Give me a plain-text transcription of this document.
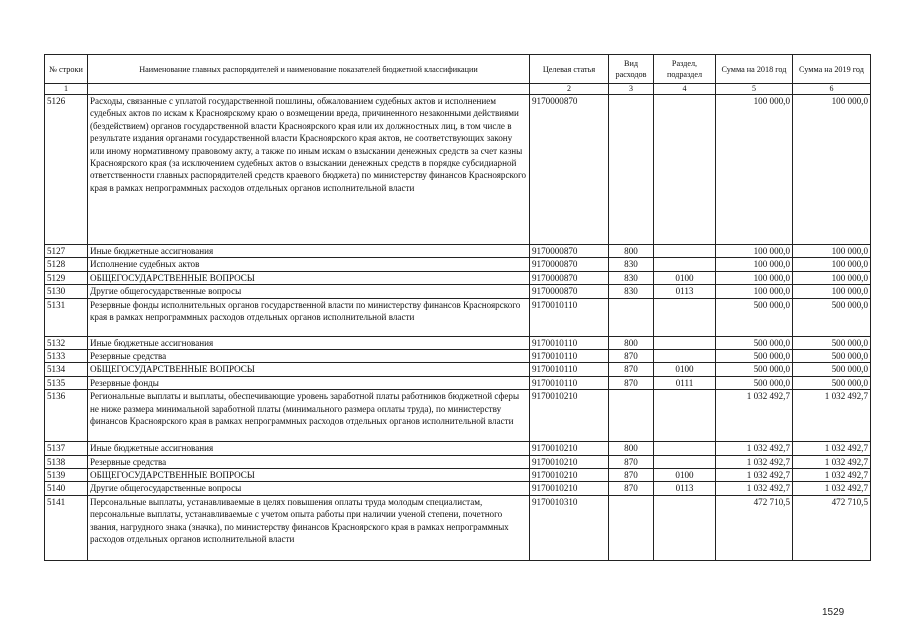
№ строки	Наименование главных распорядителей и наименование показателей бюджетной классификации	Целевая статья	Вид расходов	Раздел, подраздел	Сумма на 2018 год	Сумма на 2019 год
1		2	3	4	5	6
5126	Расходы, связанные с уплатой государственной пошлины, обжалованием судебных актов и исполнением судебных актов по искам к Красноярскому краю о возмещении вреда, причиненного незаконными действиями (бездействием) органов государственной власти Красноярского края или их должностных лиц, в том числе в результате издания органами государственной власти Красноярского края актов, не соответствующих закону или иному нормативному правовому акту, а также по иным искам о взыскании денежных средств за счет казны Красноярского края (за исключением судебных актов о взыскании денежных средств в порядке субсидиарной ответственности главных распорядителей средств краевого бюджета) по министерству финансов Красноярского края в рамках непрограммных расходов отдельных органов исполнительной власти	9170000870			100 000,0	100 000,0
5127	Иные бюджетные ассигнования	9170000870	800		100 000,0	100 000,0
5128	Исполнение судебных актов	9170000870	830		100 000,0	100 000,0
5129	ОБЩЕГОСУДАРСТВЕННЫЕ ВОПРОСЫ	9170000870	830	0100	100 000,0	100 000,0
5130	Другие общегосударственные вопросы	9170000870	830	0113	100 000,0	100 000,0
5131	Резервные фонды исполнительных органов государственной власти по министерству финансов Красноярского края в рамках непрограммных расходов отдельных органов исполнительной власти	9170010110			500 000,0	500 000,0
5132	Иные бюджетные ассигнования	9170010110	800		500 000,0	500 000,0
5133	Резервные средства	9170010110	870		500 000,0	500 000,0
5134	ОБЩЕГОСУДАРСТВЕННЫЕ ВОПРОСЫ	9170010110	870	0100	500 000,0	500 000,0
5135	Резервные фонды	9170010110	870	0111	500 000,0	500 000,0
5136	Региональные выплаты и выплаты, обеспечивающие уровень заработной платы работников бюджетной сферы не ниже размера минимальной заработной платы (минимального размера оплаты труда), по министерству финансов Красноярского края в рамках непрограммных расходов отдельных органов исполнительной власти	9170010210			1 032 492,7	1 032 492,7
5137	Иные бюджетные ассигнования	9170010210	800		1 032 492,7	1 032 492,7
5138	Резервные средства	9170010210	870		1 032 492,7	1 032 492,7
5139	ОБЩЕГОСУДАРСТВЕННЫЕ ВОПРОСЫ	9170010210	870	0100	1 032 492,7	1 032 492,7
5140	Другие общегосударственные вопросы	9170010210	870	0113	1 032 492,7	1 032 492,7
5141	Персональные выплаты, устанавливаемые в целях повышения оплаты труда молодым специалистам, персональные выплаты, устанавливаемые с учетом опыта работы при наличии ученой степени, почетного звания, нагрудного знака (значка), по министерству финансов Красноярского края в рамках непрограммных расходов отдельных органов исполнительной власти	9170010310			472 710,5	472 710,5
1529
